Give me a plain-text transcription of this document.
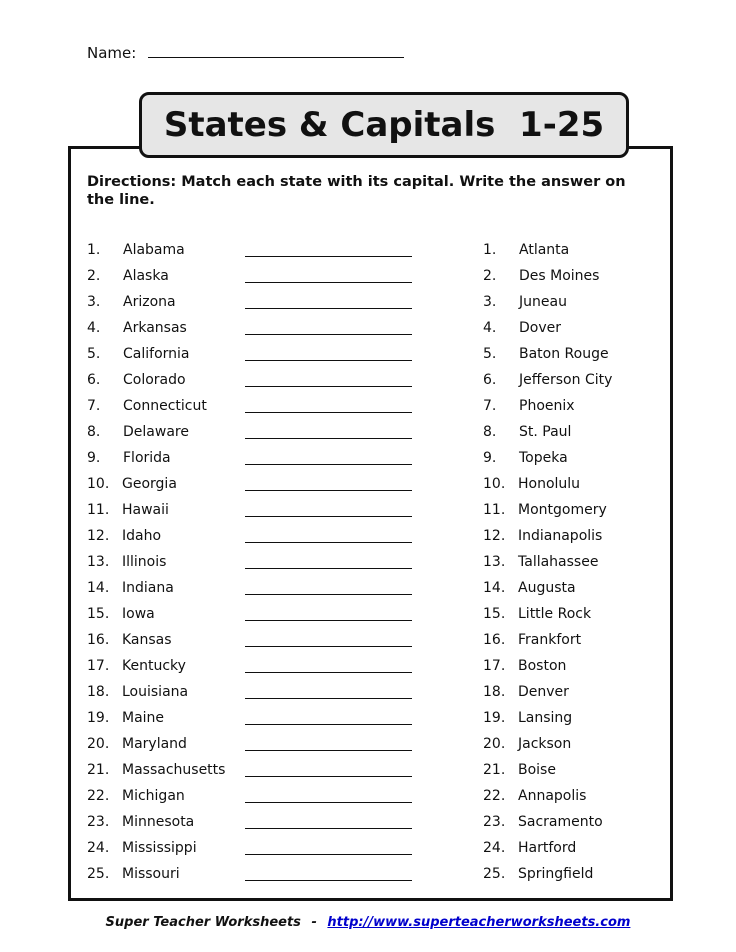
Name:
States & Capitals  1-25
Directions: Match each state with its capital. Write the answer on the line.
1. Alabama
2. Alaska
3. Arizona
4. Arkansas
5. California
6. Colorado
7. Connecticut
8. Delaware
9. Florida
10. Georgia
11. Hawaii
12. Idaho
13. Illinois
14. Indiana
15. Iowa
16. Kansas
17. Kentucky
18. Louisiana
19. Maine
20. Maryland
21. Massachusetts
22. Michigan
23. Minnesota
24. Mississippi
25. Missouri
1. Atlanta
2. Des Moines
3. Juneau
4. Dover
5. Baton Rouge
6. Jefferson City
7. Phoenix
8. St. Paul
9. Topeka
10. Honolulu
11. Montgomery
12. Indianapolis
13. Tallahassee
14. Augusta
15. Little Rock
16. Frankfort
17. Boston
18. Denver
19. Lansing
20. Jackson
21. Boise
22. Annapolis
23. Sacramento
24. Hartford
25. Springfield
Super Teacher Worksheets - http://www.superteacherworksheets.com
